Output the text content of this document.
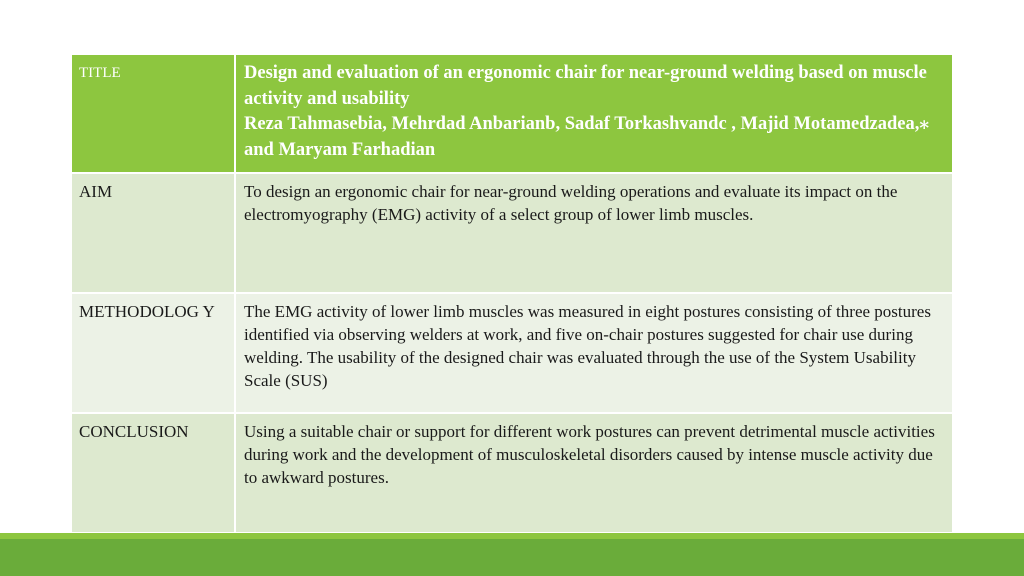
TITLE	Design and evaluation of an ergonomic chair for near-ground welding based on muscle activity and usability
Reza Tahmasebia, Mehrdad Anbarianb, Sadaf Torkashvandc , Majid Motamedzadea,⁎ and Maryam Farhadian

AIM	To design an ergonomic chair for near-ground welding operations and evaluate its impact on the electromyography (EMG) activity of a select group of lower limb muscles.

METHODOLOG Y	The EMG activity of lower limb muscles was measured in eight postures consisting of three postures identified via observing welders at work, and five on-chair postures suggested for chair use during welding. The usability of the designed chair was evaluated through the use of the System Usability Scale (SUS)

CONCLUSION	Using a suitable chair or support for different work postures can prevent detrimental muscle activities during work and the development of musculoskeletal disorders caused by intense muscle activity due to awkward postures.
